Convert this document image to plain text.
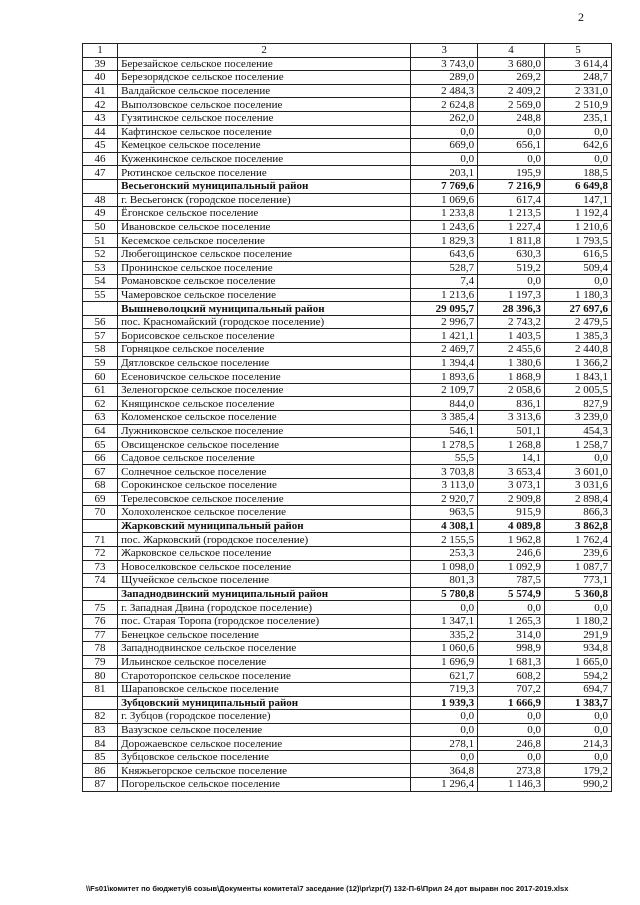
2
1	2	3	4	5
39	Березайское сельское поселение	3 743,0	3 680,0	3 614,4
40	Березорядское сельское поселение	289,0	269,2	248,7
41	Валдайское сельское поселение	2 484,3	2 409,2	2 331,0
42	Выползовское сельское поселение	2 624,8	2 569,0	2 510,9
43	Гузятинское сельское поселение	262,0	248,8	235,1
44	Кафтинское сельское поселение	0,0	0,0	0,0
45	Кемецкое сельское поселение	669,0	656,1	642,6
46	Куженкинское сельское поселение	0,0	0,0	0,0
47	Рютинское сельское поселение	203,1	195,9	188,5
	Весьегонский муниципальный район	7 769,6	7 216,9	6 649,8
48	г. Весьегонск (городское поселение)	1 069,6	617,4	147,1
49	Ёгонское сельское поселение	1 233,8	1 213,5	1 192,4
50	Ивановское сельское поселение	1 243,6	1 227,4	1 210,6
51	Кесемское сельское поселение	1 829,3	1 811,8	1 793,5
52	Любегощинское сельское поселение	643,6	630,3	616,5
53	Пронинское сельское поселение	528,7	519,2	509,4
54	Романовское сельское поселение	7,4	0,0	0,0
55	Чамеровское сельское поселение	1 213,6	1 197,3	1 180,3
	Вышневолоцкий муниципальный район	29 095,7	28 396,3	27 697,6
56	пос. Красномайский (городское поселение)	2 996,7	2 743,2	2 479,5
57	Борисовское сельское поселение	1 421,1	1 403,5	1 385,3
58	Горняцкое сельское поселение	2 469,7	2 455,6	2 440,8
59	Дятловское сельское поселение	1 394,4	1 380,6	1 366,2
60	Есеновичское сельское поселение	1 893,6	1 868,9	1 843,1
61	Зеленогорское сельское поселение	2 109,7	2 058,6	2 005,5
62	Княщинское сельское поселение	844,0	836,1	827,9
63	Коломенское сельское поселение	3 385,4	3 313,6	3 239,0
64	Лужниковское сельское поселение	546,1	501,1	454,3
65	Овсищенское сельское поселение	1 278,5	1 268,8	1 258,7
66	Садовое сельское поселение	55,5	14,1	0,0
67	Солнечное сельское поселение	3 703,8	3 653,4	3 601,0
68	Сорокинское сельское поселение	3 113,0	3 073,1	3 031,6
69	Терелесовское сельское поселение	2 920,7	2 909,8	2 898,4
70	Холохоленское сельское поселение	963,5	915,9	866,3
	Жарковский муниципальный район	4 308,1	4 089,8	3 862,8
71	пос. Жарковский (городское поселение)	2 155,5	1 962,8	1 762,4
72	Жарковское сельское поселение	253,3	246,6	239,6
73	Новоселковское сельское поселение	1 098,0	1 092,9	1 087,7
74	Щучейское сельское поселение	801,3	787,5	773,1
	Западнодвинский муниципальный район	5 780,8	5 574,9	5 360,8
75	г. Западная Двина (городское поселение)	0,0	0,0	0,0
76	пос. Старая Торопа (городское поселение)	1 347,1	1 265,3	1 180,2
77	Бенецкое сельское поселение	335,2	314,0	291,9
78	Западнодвинское сельское поселение	1 060,6	998,9	934,8
79	Ильинское сельское поселение	1 696,9	1 681,3	1 665,0
80	Староторопское сельское поселение	621,7	608,2	594,2
81	Шараповское сельское поселение	719,3	707,2	694,7
	Зубцовский муниципальный район	1 939,3	1 666,9	1 383,7
82	г. Зубцов (городское поселение)	0,0	0,0	0,0
83	Вазузское сельское поселение	0,0	0,0	0,0
84	Дорожаевское сельское поселение	278,1	246,8	214,3
85	Зубцовское сельское поселение	0,0	0,0	0,0
86	Княжьегорское сельское поселение	364,8	273,8	179,2
87	Погорельское сельское поселение	1 296,4	1 146,3	990,2
\\Fs01\комитет по бюджету\6 созыв\Документы комитета\7 заседание (12)\pr\zpr(7) 132-П-6\Прил 24 дот выравн пос 2017-2019.xlsx
